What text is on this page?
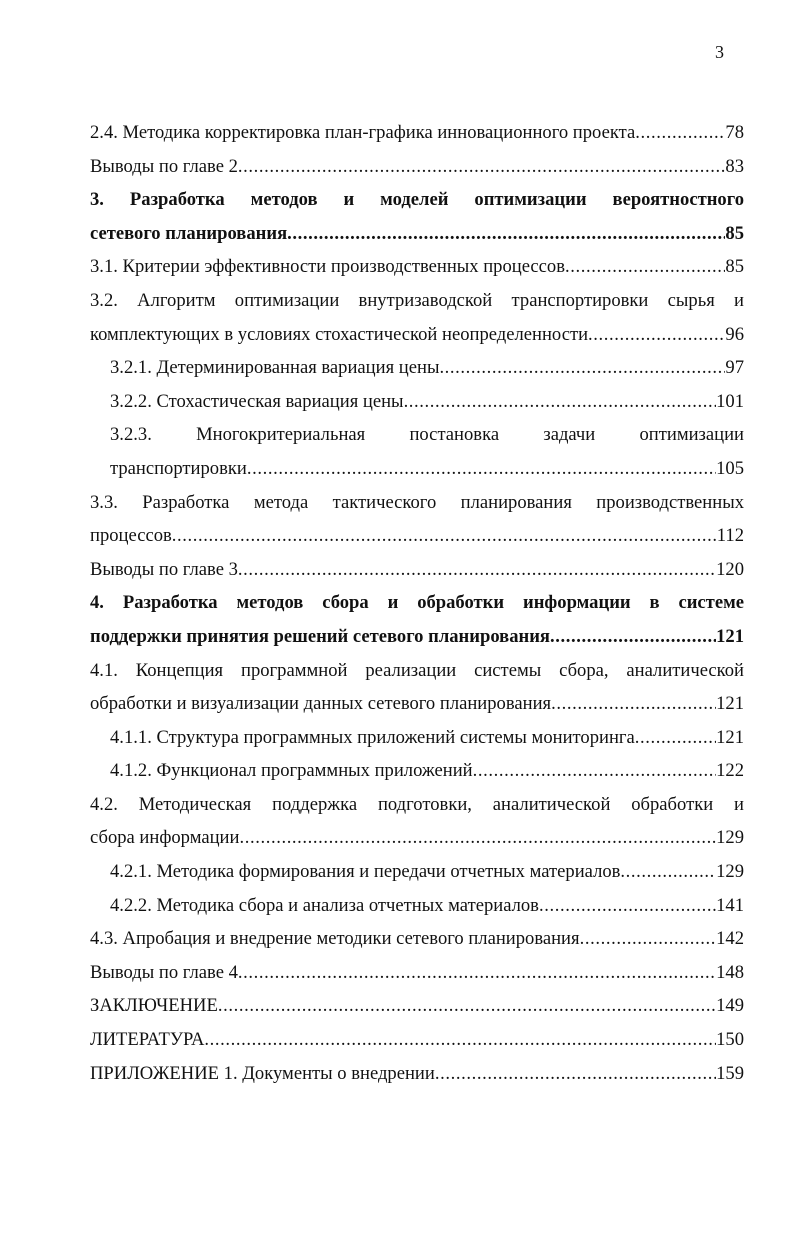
3
2.4. Методика корректировка план-графика инновационного проекта .....	78
Выводы по главе 2 .....	83
3. Разработка методов и моделей оптимизации вероятностного
сетевого планирования .....	85
3.1. Критерии эффективности производственных процессов .....	85
3.2. Алгоритм оптимизации внутризаводской транспортировки сырья и
комплектующих в условиях стохастической неопределенности .....	96
3.2.1. Детерминированная вариация цены .....	97
3.2.2. Стохастическая вариация цены .....	101
3.2.3. Многокритериальная постановка задачи оптимизации
транспортировки .....	105
3.3. Разработка метода тактического планирования производственных
процессов .....	112
Выводы по главе 3 .....	120
4. Разработка методов сбора и обработки информации в системе
поддержки принятия решений сетевого планирования .....	121
4.1. Концепция программной реализации системы сбора, аналитической
обработки и визуализации данных сетевого планирования .....	121
4.1.1. Структура программных приложений системы мониторинга .....	121
4.1.2. Функционал программных приложений .....	122
4.2. Методическая поддержка подготовки, аналитической обработки и
сбора информации .....	129
4.2.1. Методика формирования и передачи отчетных материалов .....	129
4.2.2. Методика сбора и анализа отчетных материалов .....	141
4.3. Апробация и внедрение методики сетевого планирования .....	142
Выводы по главе 4 .....	148
ЗАКЛЮЧЕНИЕ .....	149
ЛИТЕРАТУРА .....	150
ПРИЛОЖЕНИЕ 1. Документы о внедрении .....	159
